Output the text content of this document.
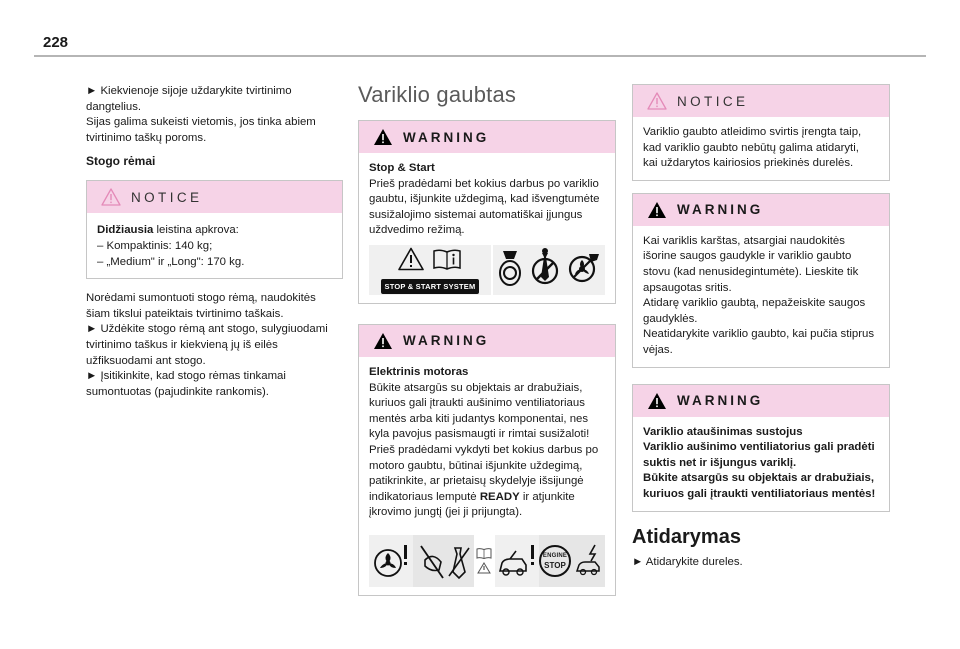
228
► Kiekvienoje sijoje uždarykite tvirtinimo
dangtelius.
Sijas galima sukeisti vietomis, jos tinka abiem
tvirtinimo taškų poroms.
Stogo rėmai
NOTICE
Didžiausia leistina apkrova:
– Kompaktinis: 140 kg;
– „Medium" ir „Long": 170 kg.
Norėdami sumontuoti stogo rėmą, naudokitės
šiam tikslui pateiktais tvirtinimo taškais.
► Uždėkite stogo rėmą ant stogo, sulygiuodami
tvirtinimo taškus ir kiekvieną jų iš eilės
užfiksuodami ant stogo.
► Įsitikinkite, kad stogo rėmas tinkamai
sumontuotas (pajudinkite rankomis).
Variklio gaubtas
WARNING
Stop & Start
Prieš pradėdami bet kokius darbus po variklio
gaubtu, išjunkite uždegimą, kad išvengtumėte
susižalojimo sistemai automatiškai įjungus
uždvedimo režimą.
STOP & START SYSTEM
WARNING
Elektrinis motoras
Būkite atsargūs su objektais ar drabužiais,
kuriuos gali įtraukti aušinimo ventiliatoriaus
mentės arba kiti judantys komponentai, nes
kyla pavojus pasismaugti ir rimtai susižaloti!
Prieš pradėdami vykdyti bet kokius darbus po
motoro gaubtu, būtinai išjunkite uždegimą,
patikrinkite, ar prietaisų skydelyje išsijungė
indikatoriaus lemputė READY ir atjunkite
įkrovimo jungtį (jei ji prijungta).
ENGINE
STOP
NOTICE
Variklio gaubto atleidimo svirtis įrengta taip,
kad variklio gaubto nebūtų galima atidaryti,
kai uždarytos kairiosios priekinės durelės.
WARNING
Kai variklis karštas, atsargiai naudokitės
išorine saugos gaudykle ir variklio gaubto
stovu (kad nenusidegintumėte). Lieskite tik
apsaugotas sritis.
Atidarę variklio gaubtą, nepažeiskite saugos
gaudyklės.
Neatidarykite variklio gaubto, kai pučia stiprus
vėjas.
WARNING
Variklio ataušinimas sustojus
Variklio aušinimo ventiliatorius gali pradėti
suktis net ir išjungus variklį.
Būkite atsargūs su objektais ar drabužiais,
kuriuos gali įtraukti ventiliatoriaus mentės!
Atidarymas
► Atidarykite dureles.
